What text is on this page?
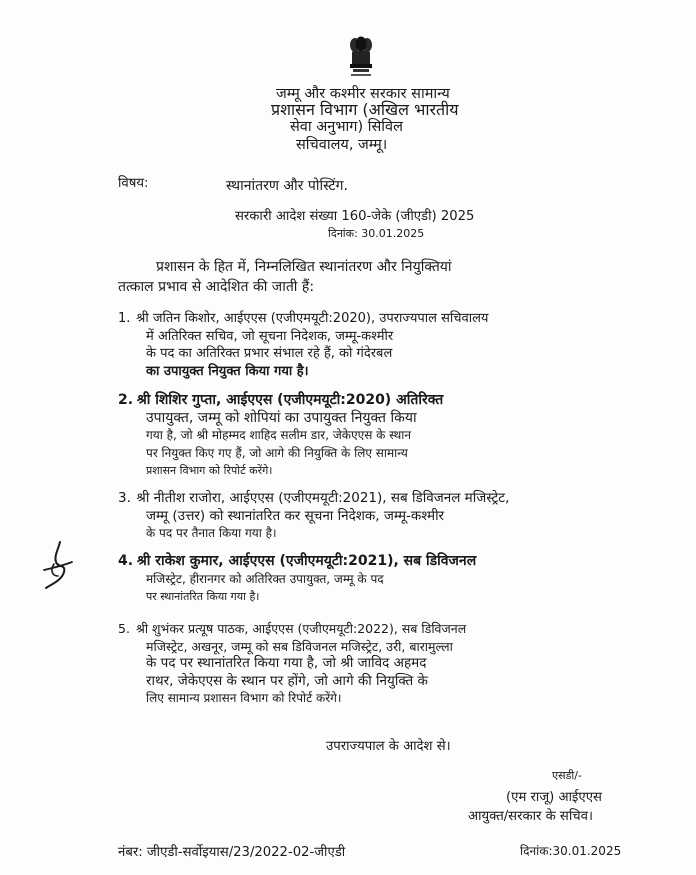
जम्मू और कश्मीर सरकार सामान्य
प्रशासन विभाग (अखिल भारतीय
सेवा अनुभाग) सिविल
सचिवालय, जम्मू।
विषय:	स्थानांतरण और पोस्टिंग.
सरकारी आदेश संख्या 160-जेके (जीएडी) 2025
दिनांक: 30.01.2025
प्रशासन के हित में, निम्नलिखित स्थानांतरण और नियुक्तियां
तत्काल प्रभाव से आदेशित की जाती हैं:
1. श्री जतिन किशोर, आईएएस (एजीएमयूटी:2020), उपराज्यपाल सचिवालय
में अतिरिक्त सचिव, जो सूचना निदेशक, जम्मू-कश्मीर
के पद का अतिरिक्त प्रभार संभाल रहे हैं, को गंदेरबल
का उपायुक्त नियुक्त किया गया है।
2. श्री शिशिर गुप्ता, आईएएस (एजीएमयूटी:2020) अतिरिक्त
उपायुक्त, जम्मू को शोपियां का उपायुक्त नियुक्त किया
गया है, जो श्री मोहम्मद शाहिद सलीम डार, जेकेएएस के स्थान
पर नियुक्त किए गए हैं, जो आगे की नियुक्ति के लिए सामान्य
प्रशासन विभाग को रिपोर्ट करेंगे।
3. श्री नीतीश राजोरा, आईएएस (एजीएमयूटी:2021), सब डिविजनल मजिस्ट्रेट,
जम्मू (उत्तर) को स्थानांतरित कर सूचना निदेशक, जम्मू-कश्मीर
के पद पर तैनात किया गया है।
4. श्री राकेश कुमार, आईएएस (एजीएमयूटी:2021), सब डिविजनल
मजिस्ट्रेट, हीरानगर को अतिरिक्त उपायुक्त, जम्मू के पद
पर स्थानांतरित किया गया है।
5. श्री शुभंकर प्रत्यूष पाठक, आईएएस (एजीएमयूटी:2022), सब डिविजनल
मजिस्ट्रेट, अखनूर, जम्मू को सब डिविजनल मजिस्ट्रेट, उरी, बारामुल्ला
के पद पर स्थानांतरित किया गया है, जो श्री जाविद अहमद
राथर, जेकेएएस के स्थान पर होंगे, जो आगे की नियुक्ति के
लिए सामान्य प्रशासन विभाग को रिपोर्ट करेंगे।
उपराज्यपाल के आदेश से।
एसडी/-
(एम राजू) आईएएस
आयुक्त/सरकार के सचिव।
नंबर: जीएडी-सर्वोइयास/23/2022-02-जीएडी	दिनांक:30.01.2025
